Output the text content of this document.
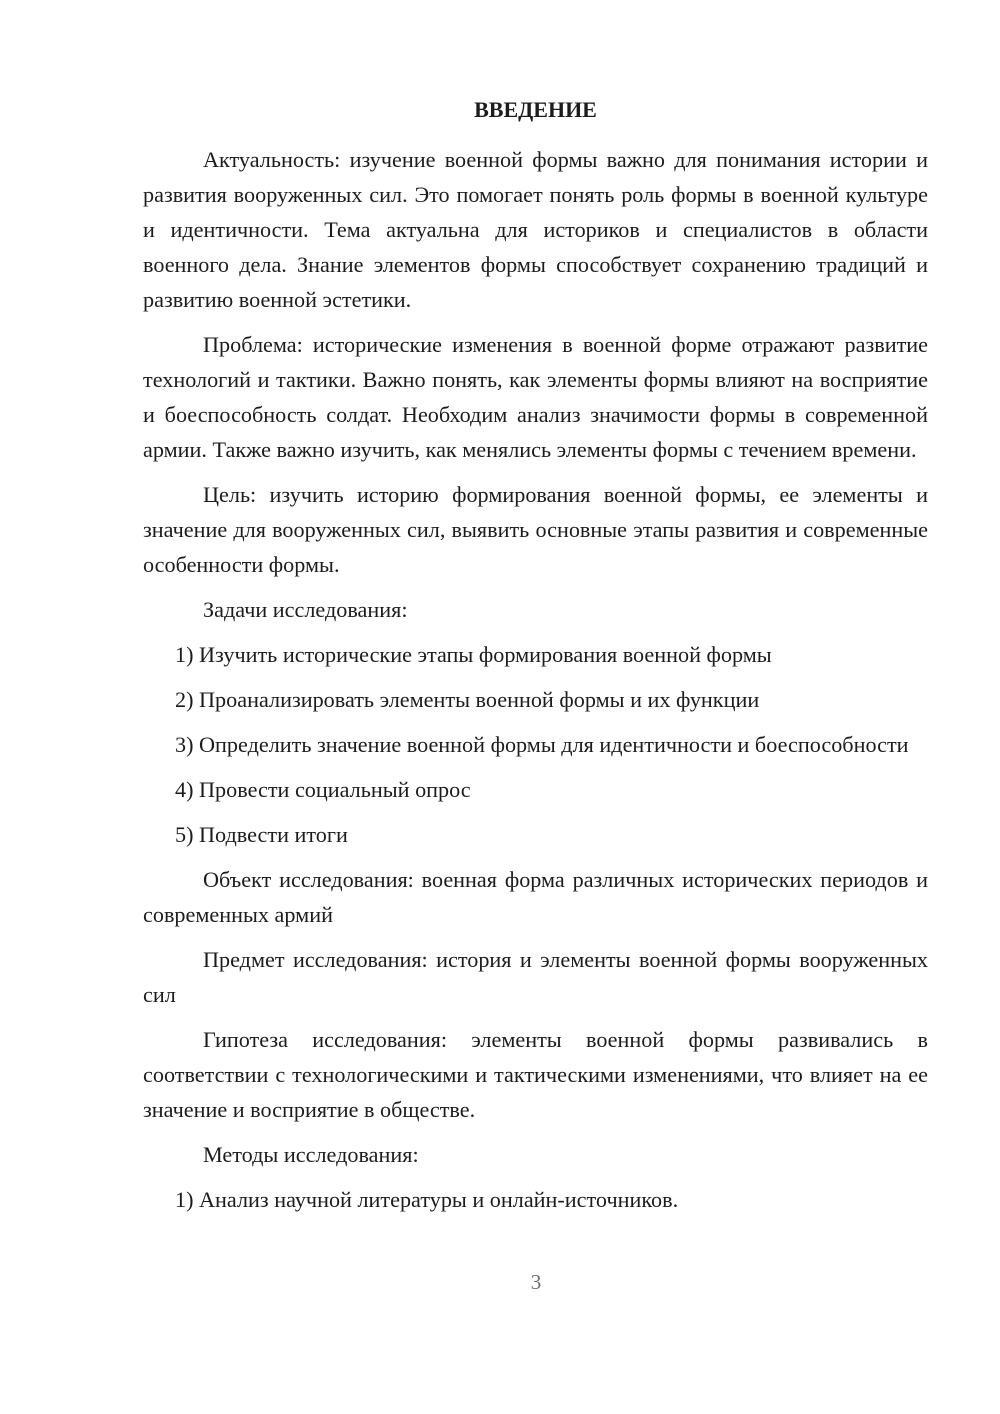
ВВЕДЕНИЕ

Актуальность: изучение военной формы важно для понимания истории и развития вооруженных сил. Это помогает понять роль формы в военной культуре и идентичности. Тема актуальна для историков и специалистов в области военного дела. Знание элементов формы способствует сохранению традиций и развитию военной эстетики.

Проблема: исторические изменения в военной форме отражают развитие технологий и тактики. Важно понять, как элементы формы влияют на восприятие и боеспособность солдат. Необходим анализ значимости формы в современной армии. Также важно изучить, как менялись элементы формы с течением времени.

Цель: изучить историю формирования военной формы, ее элементы и значение для вооруженных сил, выявить основные этапы развития и современные особенности формы.

Задачи исследования:

1) Изучить исторические этапы формирования военной формы

2) Проанализировать элементы военной формы и их функции

3) Определить значение военной формы для идентичности и боеспособности

4) Провести социальный опрос

5) Подвести итоги

Объект исследования: военная форма различных исторических периодов и современных армий

Предмет исследования: история и элементы военной формы вооруженных сил

Гипотеза исследования: элементы военной формы развивались в соответствии с технологическими и тактическими изменениями, что влияет на ее значение и восприятие в обществе.

Методы исследования:

1) Анализ научной литературы и онлайн-источников.

3
